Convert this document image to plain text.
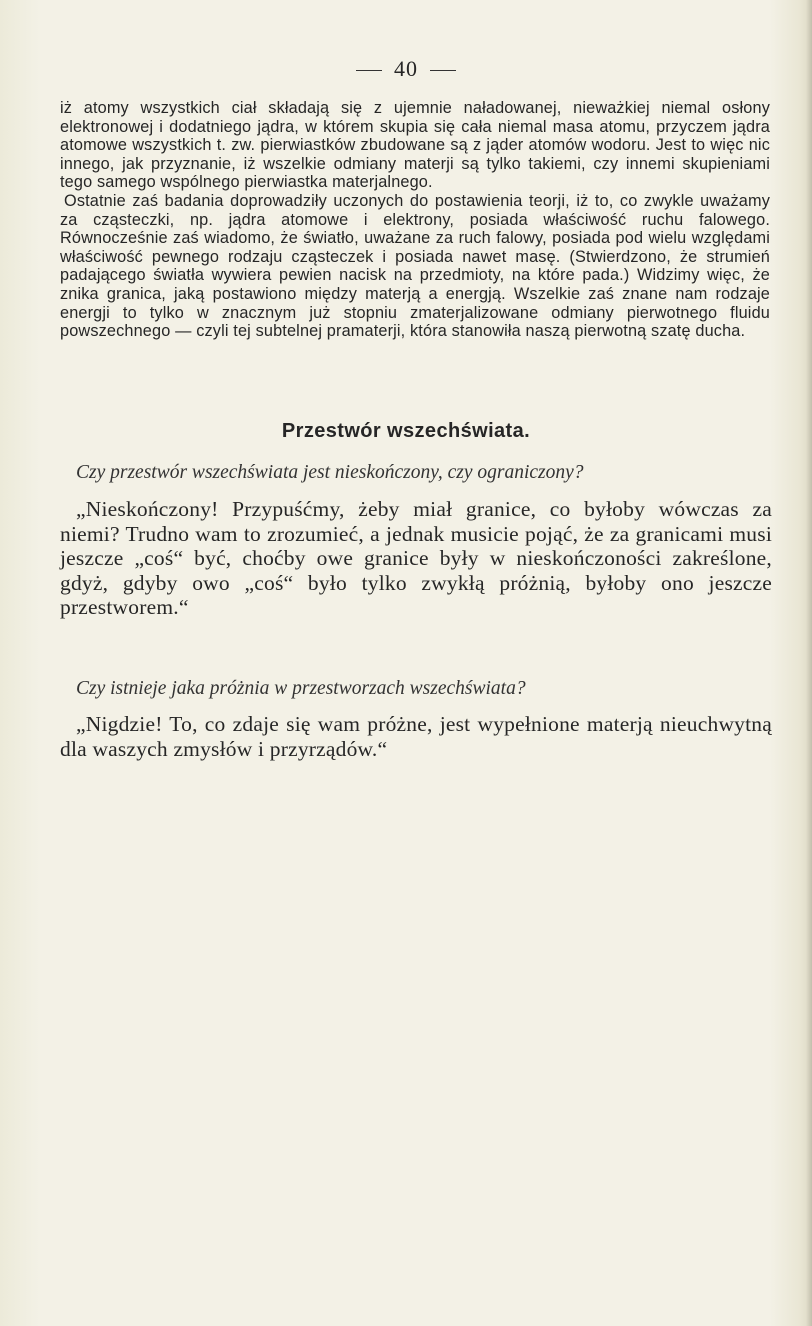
40

iż atomy wszystkich ciał składają się z ujemnie naładowanej, nieważkiej niemal osłony elektronowej i dodatniego jądra, w którem skupia się cała niemal masa atomu, przyczem jądra atomowe wszystkich t. zw. pierwiastków zbudowane są z jąder atomów wodoru. Jest to więc nic innego, jak przyznanie, iż wszelkie odmiany materji są tylko takiemi, czy innemi skupieniami tego samego wspólnego pierwiastka materjalnego.

Ostatnie zaś badania doprowadziły uczonych do postawienia teorji, iż to, co zwykle uważamy za cząsteczki, np. jądra atomowe i elektrony, posiada właściwość ruchu falowego. Równocześnie zaś wiadomo, że światło, uważane za ruch falowy, posiada pod wielu względami właściwość pewnego rodzaju cząsteczek i posiada nawet masę. (Stwierdzono, że strumień padającego światła wywiera pewien nacisk na przedmioty, na które pada.) Widzimy więc, że znika granica, jaką postawiono między materją a energją. Wszelkie zaś znane nam rodzaje energji to tylko w znacznym już stopniu zmaterjalizowane odmiany pierwotnego fluidu powszechnego — czyli tej subtelnej pramaterji, która stanowiła naszą pierwotną szatę ducha.

Przestwór wszechświata.
Czy przestwór wszechświata jest nieskończony, czy ograniczony?

„Nieskończony! Przypuśćmy, żeby miał granice, co byłoby wówczas za niemi? Trudno wam to zrozumieć, a jednak musicie pojąć, że za granicami musi jeszcze „coś“ być, choćby owe granice były w nieskończoności zakreślone, gdyż, gdyby owo „coś“ było tylko zwykłą próżnią, byłoby ono jeszcze przestworem.“

Czy istnieje jaka próżnia w przestworzach wszechświata?

„Nigdzie! To, co zdaje się wam próżne, jest wypełnione materją nieuchwytną dla waszych zmysłów i przyrządów.“
